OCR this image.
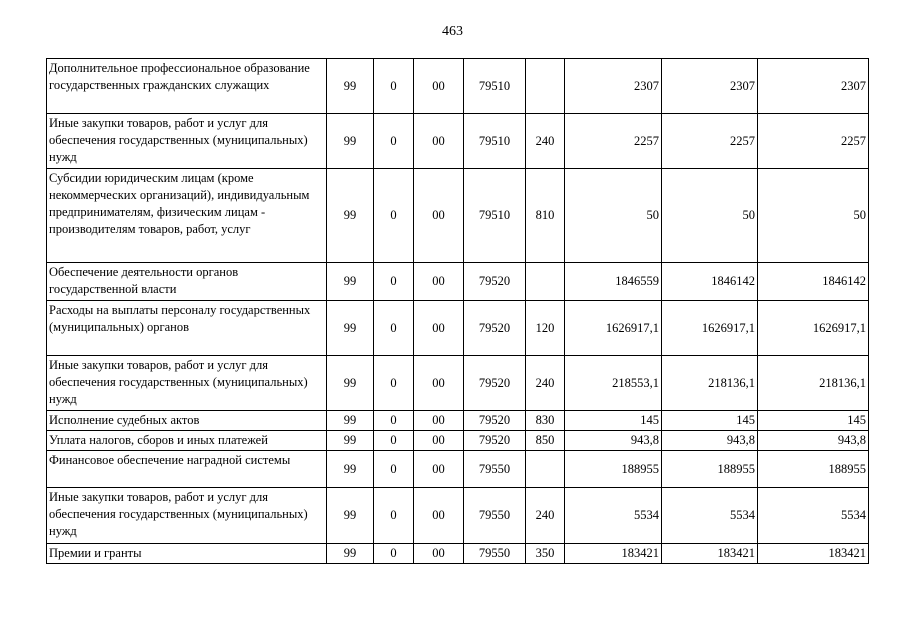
463
Дополнительное профессиональное образование государственных гражданских служащих	99	0	00	79510		2307	2307	2307
Иные закупки товаров, работ и услуг для обеспечения государственных (муниципальных) нужд	99	0	00	79510	240	2257	2257	2257
Субсидии юридическим лицам (кроме некоммерческих организаций), индивидуальным предпринимателям, физическим лицам - производителям товаров, работ, услуг	99	0	00	79510	810	50	50	50
Обеспечение деятельности органов государственной власти	99	0	00	79520		1846559	1846142	1846142
Расходы на выплаты персоналу государственных (муниципальных) органов	99	0	00	79520	120	1626917,1	1626917,1	1626917,1
Иные закупки товаров, работ и услуг для обеспечения государственных (муниципальных) нужд	99	0	00	79520	240	218553,1	218136,1	218136,1
Исполнение судебных актов	99	0	00	79520	830	145	145	145
Уплата налогов, сборов и иных платежей	99	0	00	79520	850	943,8	943,8	943,8
Финансовое обеспечение наградной системы	99	0	00	79550		188955	188955	188955
Иные закупки товаров, работ и услуг для обеспечения государственных (муниципальных) нужд	99	0	00	79550	240	5534	5534	5534
Премии и гранты	99	0	00	79550	350	183421	183421	183421
